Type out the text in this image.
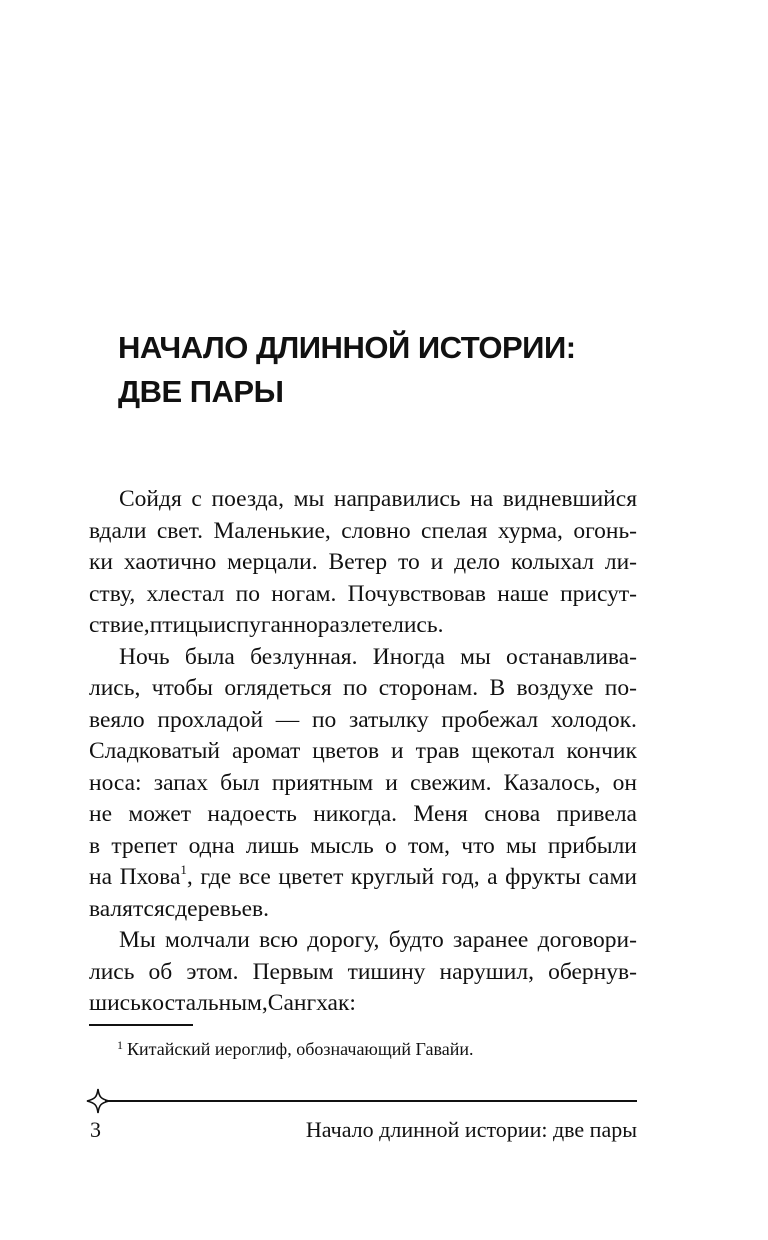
НАЧАЛО ДЛИННОЙ ИСТОРИИ:
ДВЕ ПАРЫ
Сойдя с поезда, мы направились на видневшийся
вдали свет. Маленькие, словно спелая хурма, огонь-
ки хаотично мерцали. Ветер то и дело колыхал ли-
ству, хлестал по ногам. Почувствовав наше присут-
ствие, птицы испуганно разлетелись.
Ночь была безлунная. Иногда мы останавлива-
лись, чтобы оглядеться по сторонам. В воздухе по-
веяло прохладой — по затылку пробежал холодок.
Сладковатый аромат цветов и трав щекотал кончик
носа: запах был приятным и свежим. Казалось, он
не может надоесть никогда. Меня снова привела
в трепет одна лишь мысль о том, что мы прибыли
на Пхова$^1$, где все цветет круглый год, а фрукты сами
валятся с деревьев.
Мы молчали всю дорогу, будто заранее договори-
лись об этом. Первым тишину нарушил, обернув-
шись к остальным, Сангхак:
$^1$ Китайский иероглиф, обозначающий Гавайи.
3	Начало длинной истории: две пары
